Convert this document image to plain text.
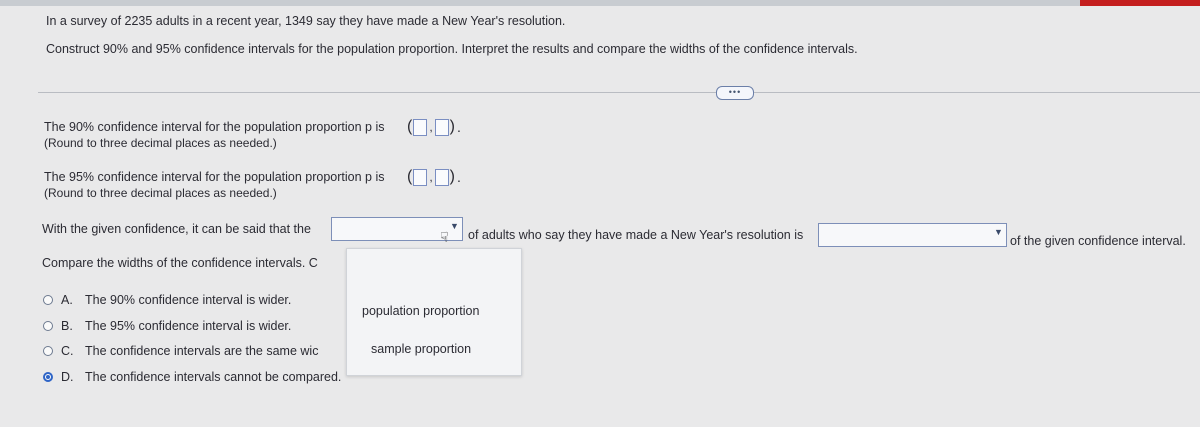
In a survey of 2235 adults in a recent year, 1349 say they have made a New Year's resolution.
Construct 90% and 95% confidence intervals for the population proportion. Interpret the results and compare the widths of the confidence intervals.
•••
The 90% confidence interval for the population proportion p is ( , ) .
(Round to three decimal places as needed.)
The 95% confidence interval for the population proportion p is ( , ) .
(Round to three decimal places as needed.)
With the given confidence, it can be said that the	▼
☟ of adults who say they have made a New Year's resolution is	▼
of the given confidence interval.
Compare the widths of the confidence intervals. C
A. The 90% confidence interval is wider.
B. The 95% confidence interval is wider.
C. The confidence intervals are the same wic
D. The confidence intervals cannot be compared.
population proportion
sample proportion
